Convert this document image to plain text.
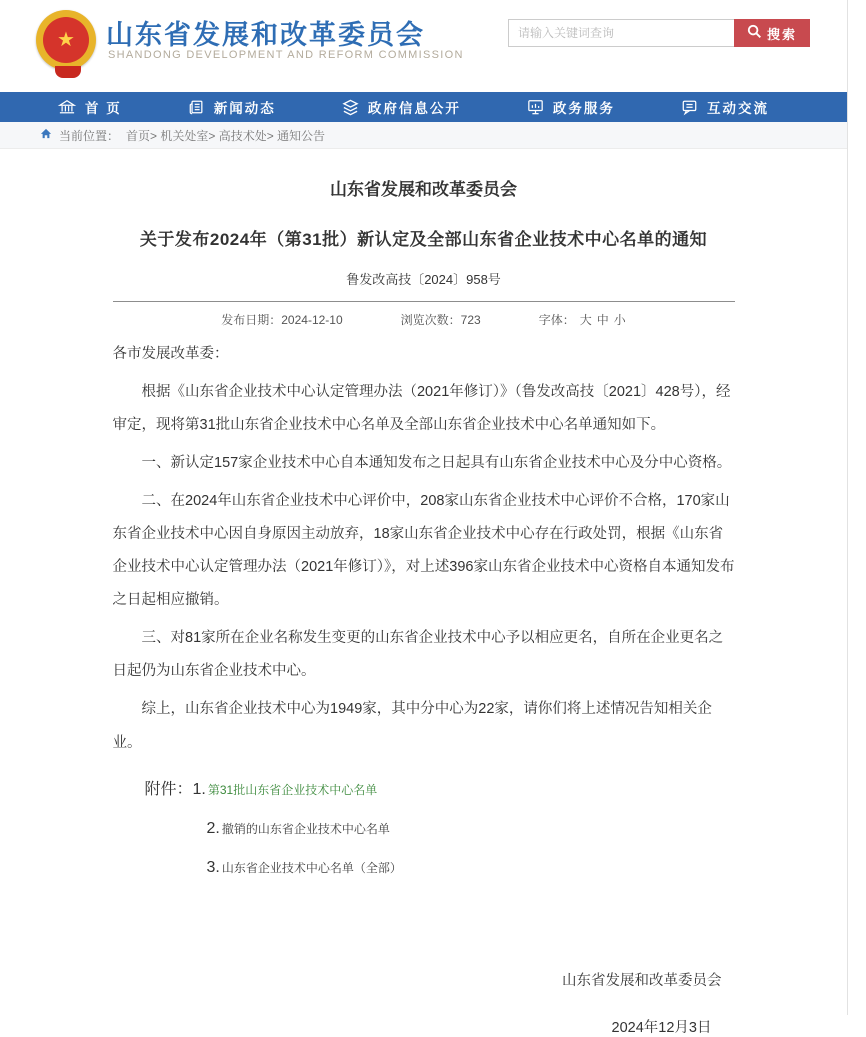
★	山东省发展和改革委员会
SHANDONG DEVELOPMENT AND REFORM COMMISSION
请输入关键词查询
搜索
首 页	新闻动态	政府信息公开	政务服务	互动交流
当前位置： 首页> 机关处室> 高技术处> 通知公告
山东省发展和改革委员会
关于发布2024年（第31批）新认定及全部山东省企业技术中心名单的通知
鲁发改高技〔2024〕958号
发布日期：2024-12-10	浏览次数：723	字体： 大 中 小

各市发展改革委：

根据《山东省企业技术中心认定管理办法（2021年修订）》（鲁发改高技〔2021〕428号），经审定，现将第31批山东省企业技术中心名单及全部山东省企业技术中心名单通知如下。

一、新认定157家企业技术中心自本通知发布之日起具有山东省企业技术中心及分中心资格。

二、在2024年山东省企业技术中心评价中，208家山东省企业技术中心评价不合格，170家山东省企业技术中心因自身原因主动放弃，18家山东省企业技术中心存在行政处罚，根据《山东省企业技术中心认定管理办法（2021年修订）》，对上述396家山东省企业技术中心资格自本通知发布之日起相应撤销。

三、对81家所在企业名称发生变更的山东省企业技术中心予以相应更名，自所在企业更名之日起仍为山东省企业技术中心。

综上，山东省企业技术中心为1949家，其中分中心为22家，请你们将上述情况告知相关企业。

附件： 1. 第31批山东省企业技术中心名单
2. 撤销的山东省企业技术中心名单
3. 山东省企业技术中心名单（全部）
山东省发展和改革委员会
2024年12月3日
